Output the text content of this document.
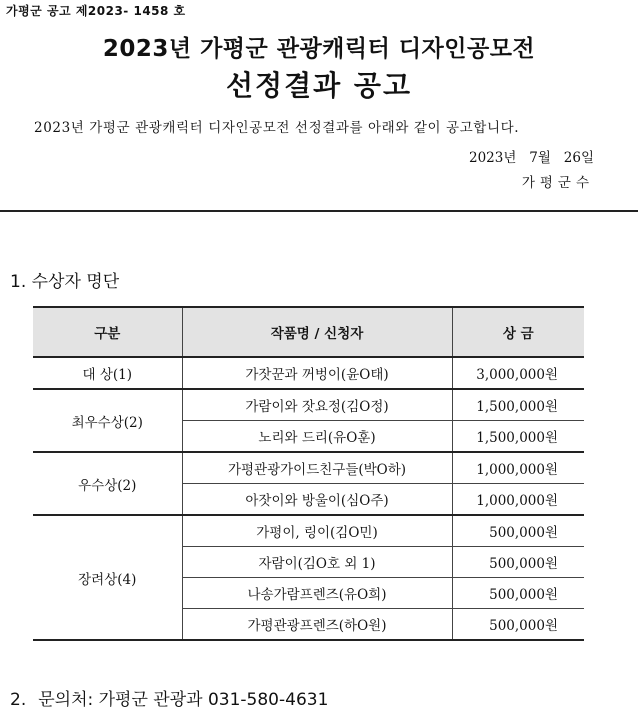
가평군 공고 제2023- 1458 호
2023년 가평군 관광캐릭터 디자인공모전
선정결과 공고
2023년 가평군 관광캐릭터 디자인공모전 선정결과를 아래와 같이 공고합니다.
2023년   7월   26일
가평군수
1. 수상자 명단
구분	작품명 / 신청자	상 금
대 상(1)	가잣꾼과 꺼벙이(윤O태)	3,000,000원
최우수상(2)	가람이와 잣요정(김O정)	1,500,000원
	노리와 드리(유O훈)	1,500,000원
우수상(2)	가평관광가이드친구들(박O하)	1,000,000원
	아잣이와 방울이(심O주)	1,000,000원
장려상(4)	가평이, 링이(김O민)	500,000원
	자람이(김O호 외 1)	500,000원
	나송가람프렌즈(유O희)	500,000원
	가평관광프렌즈(하O원)	500,000원
2. 문의처: 가평군 관광과 031-580-4631
